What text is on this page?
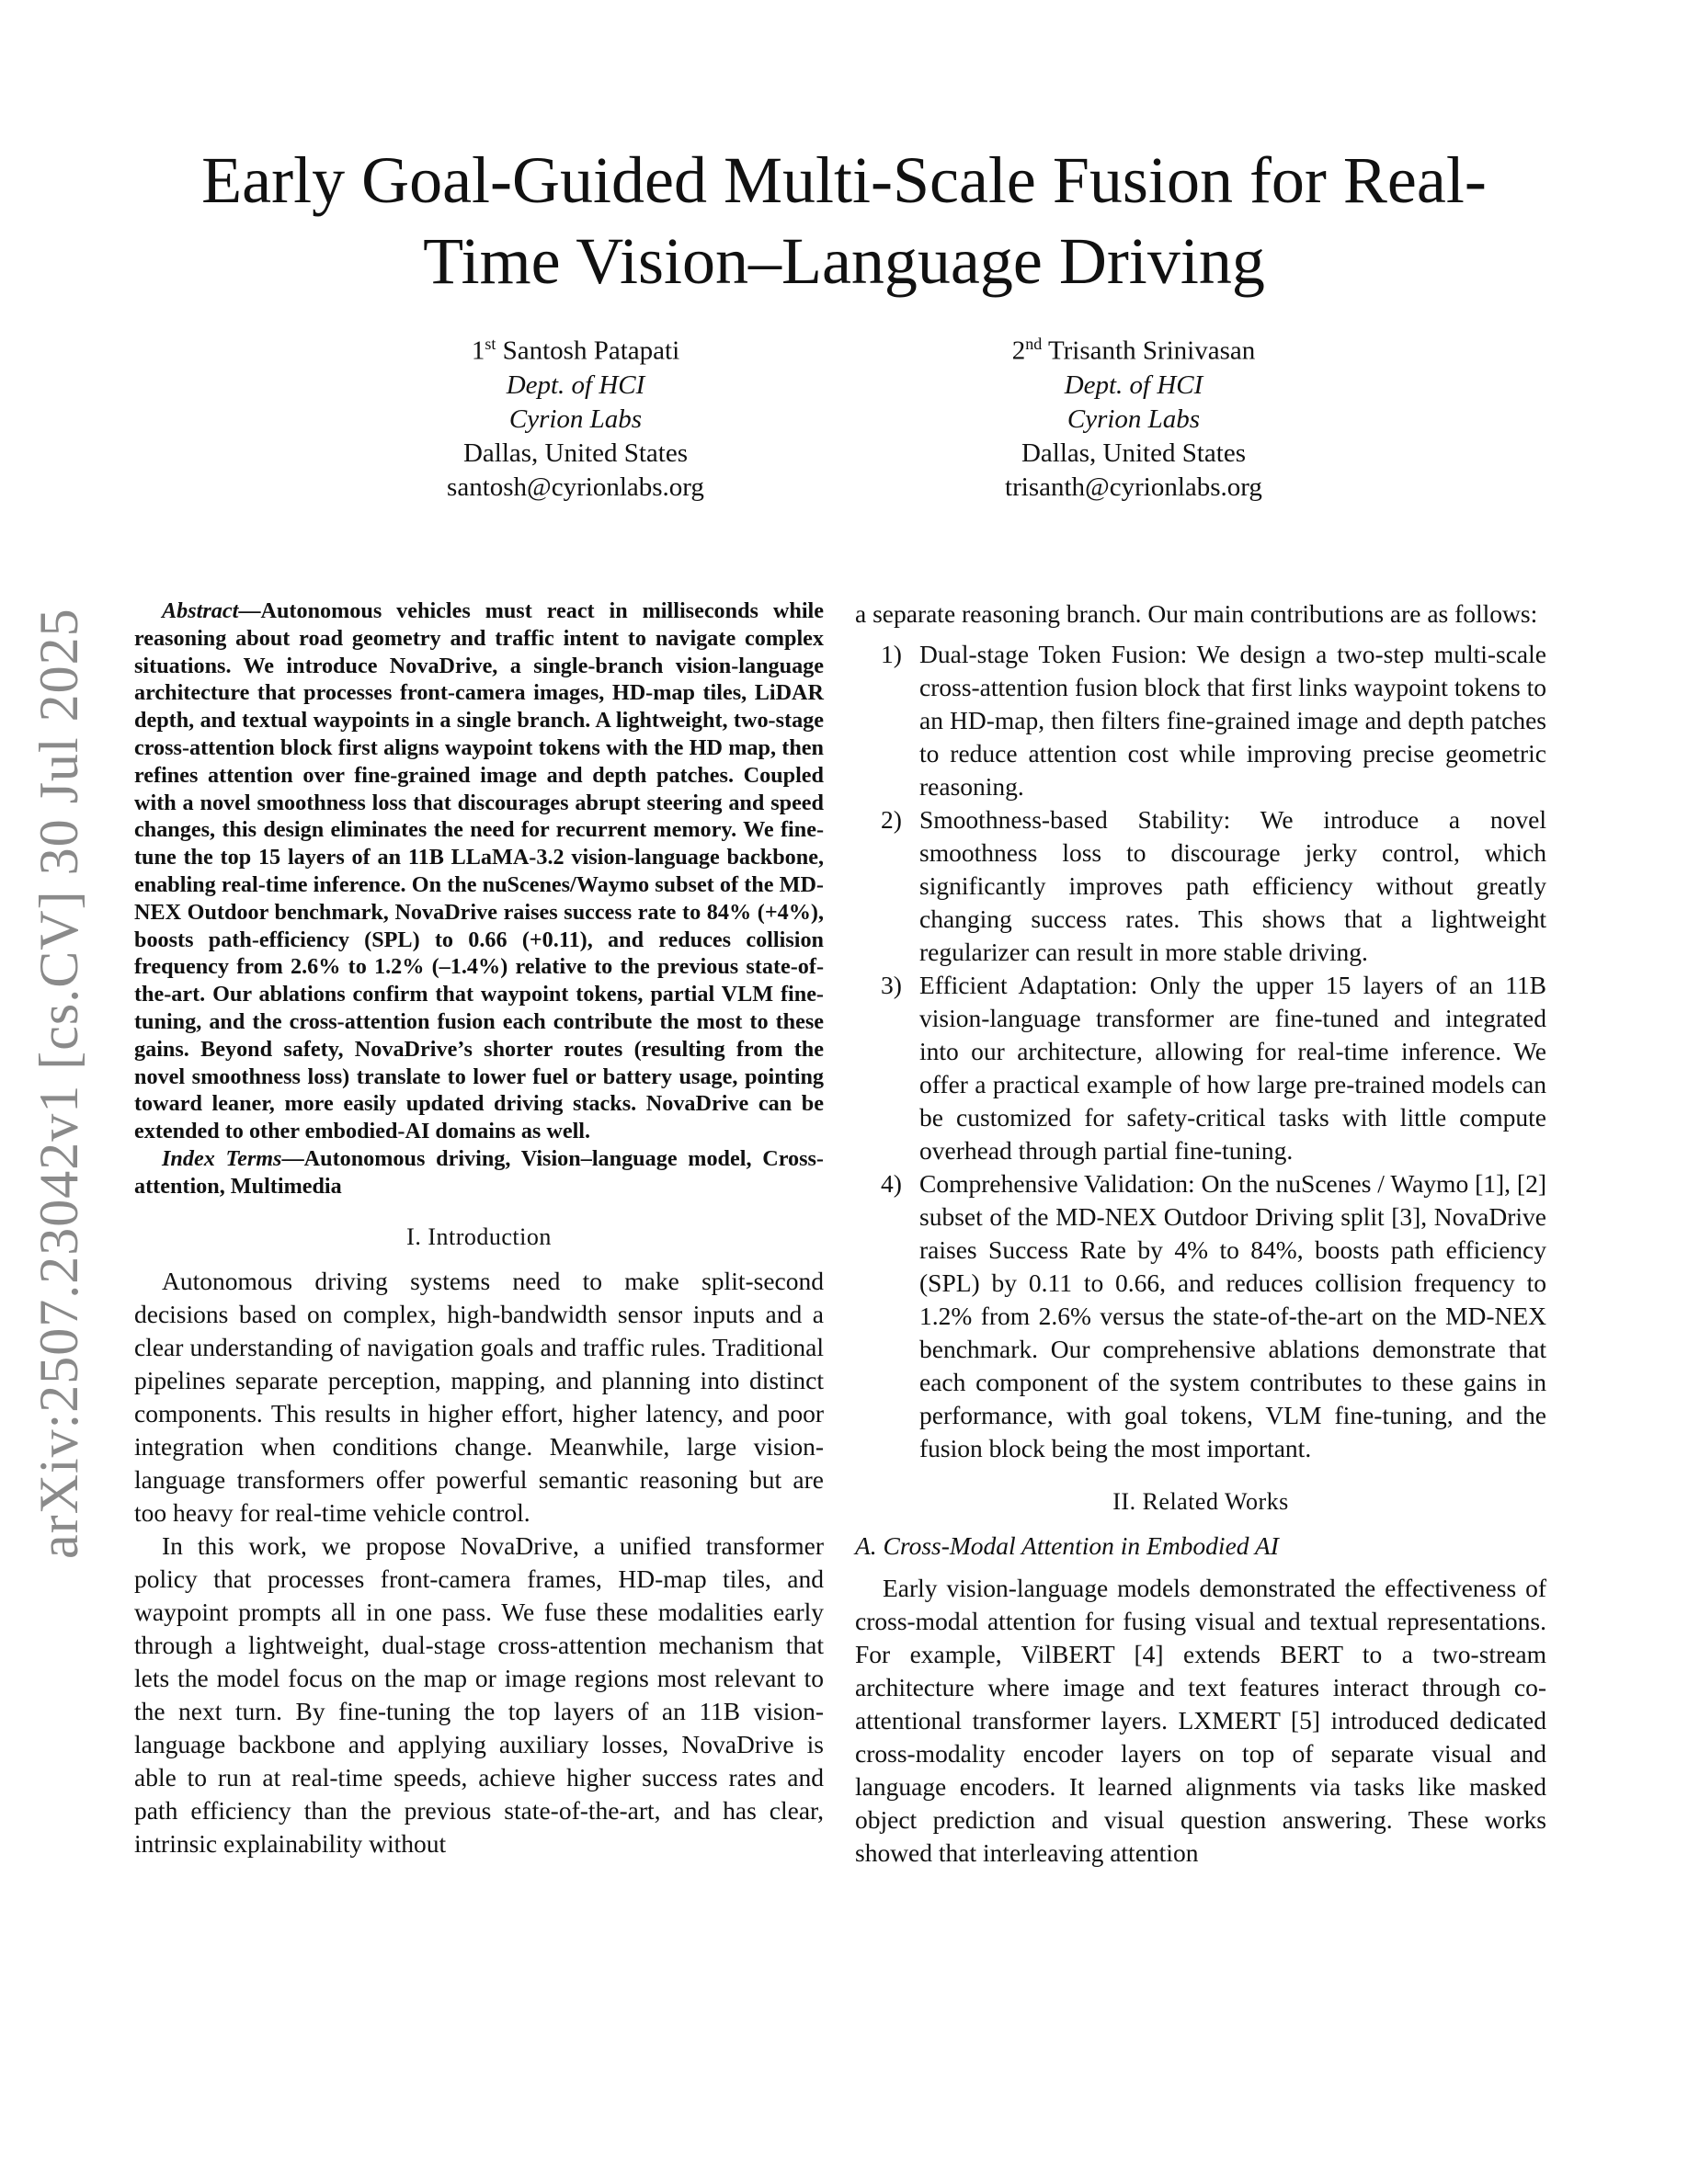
arXiv:2507.23042v1 [cs.CV] 30 Jul 2025
Early Goal-Guided Multi-Scale Fusion for Real-Time Vision–Language Driving
1st Santosh Patapati
Dept. of HCI
Cyrion Labs
Dallas, United States
santosh@cyrionlabs.org
2nd Trisanth Srinivasan
Dept. of HCI
Cyrion Labs
Dallas, United States
trisanth@cyrionlabs.org

Abstract—Autonomous vehicles must react in milliseconds while reasoning about road geometry and traffic intent to navigate complex situations. We introduce NovaDrive, a single-branch vision-language architecture that processes front-camera images, HD-map tiles, LiDAR depth, and textual waypoints in a single branch. A lightweight, two-stage cross-attention block first aligns waypoint tokens with the HD map, then refines attention over fine-grained image and depth patches. Coupled with a novel smoothness loss that discourages abrupt steering and speed changes, this design eliminates the need for recurrent memory. We fine-tune the top 15 layers of an 11B LLaMA-3.2 vision-language backbone, enabling real-time inference. On the nuScenes/Waymo subset of the MD-NEX Outdoor benchmark, NovaDrive raises success rate to 84% (+4%), boosts path-efficiency (SPL) to 0.66 (+0.11), and reduces collision frequency from 2.6% to 1.2% (–1.4%) relative to the previous state-of-the-art. Our ablations confirm that waypoint tokens, partial VLM fine-tuning, and the cross-attention fusion each contribute the most to these gains. Beyond safety, NovaDrive’s shorter routes (resulting from the novel smoothness loss) translate to lower fuel or battery usage, pointing toward leaner, more easily updated driving stacks. NovaDrive can be extended to other embodied-AI domains as well.

Index Terms—Autonomous driving, Vision–language model, Cross-attention, Multimedia

I. Introduction

Autonomous driving systems need to make split-second decisions based on complex, high-bandwidth sensor inputs and a clear understanding of navigation goals and traffic rules. Traditional pipelines separate perception, mapping, and planning into distinct components. This results in higher effort, higher latency, and poor integration when conditions change. Meanwhile, large vision-language transformers offer powerful semantic reasoning but are too heavy for real-time vehicle control.

In this work, we propose NovaDrive, a unified transformer policy that processes front-camera frames, HD-map tiles, and waypoint prompts all in one pass. We fuse these modalities early through a lightweight, dual-stage cross-attention mechanism that lets the model focus on the map or image regions most relevant to the next turn. By fine-tuning the top layers of an 11B vision-language backbone and applying auxiliary losses, NovaDrive is able to run at real-time speeds, achieve higher success rates and path efficiency than the previous state-of-the-art, and has clear, intrinsic explainability without

a separate reasoning branch. Our main contributions are as follows:

1) Dual-stage Token Fusion: We design a two-step multi-scale cross-attention fusion block that first links waypoint tokens to an HD-map, then filters fine-grained image and depth patches to reduce attention cost while improving precise geometric reasoning.
2) Smoothness-based Stability: We introduce a novel smoothness loss to discourage jerky control, which significantly improves path efficiency without greatly changing success rates. This shows that a lightweight regularizer can result in more stable driving.
3) Efficient Adaptation: Only the upper 15 layers of an 11B vision-language transformer are fine-tuned and integrated into our architecture, allowing for real-time inference. We offer a practical example of how large pre-trained models can be customized for safety-critical tasks with little compute overhead through partial fine-tuning.
4) Comprehensive Validation: On the nuScenes / Waymo [1], [2] subset of the MD-NEX Outdoor Driving split [3], NovaDrive raises Success Rate by 4% to 84%, boosts path efficiency (SPL) by 0.11 to 0.66, and reduces collision frequency to 1.2% from 2.6% versus the state-of-the-art on the MD-NEX benchmark. Our comprehensive ablations demonstrate that each component of the system contributes to these gains in performance, with goal tokens, VLM fine-tuning, and the fusion block being the most important.
II. Related Works
A. Cross-Modal Attention in Embodied AI

Early vision-language models demonstrated the effectiveness of cross-modal attention for fusing visual and textual representations. For example, VilBERT [4] extends BERT to a two-stream architecture where image and text features interact through co-attentional transformer layers. LXMERT [5] introduced dedicated cross-modality encoder layers on top of separate visual and language encoders. It learned alignments via tasks like masked object prediction and visual question answering. These works showed that interleaving attention
